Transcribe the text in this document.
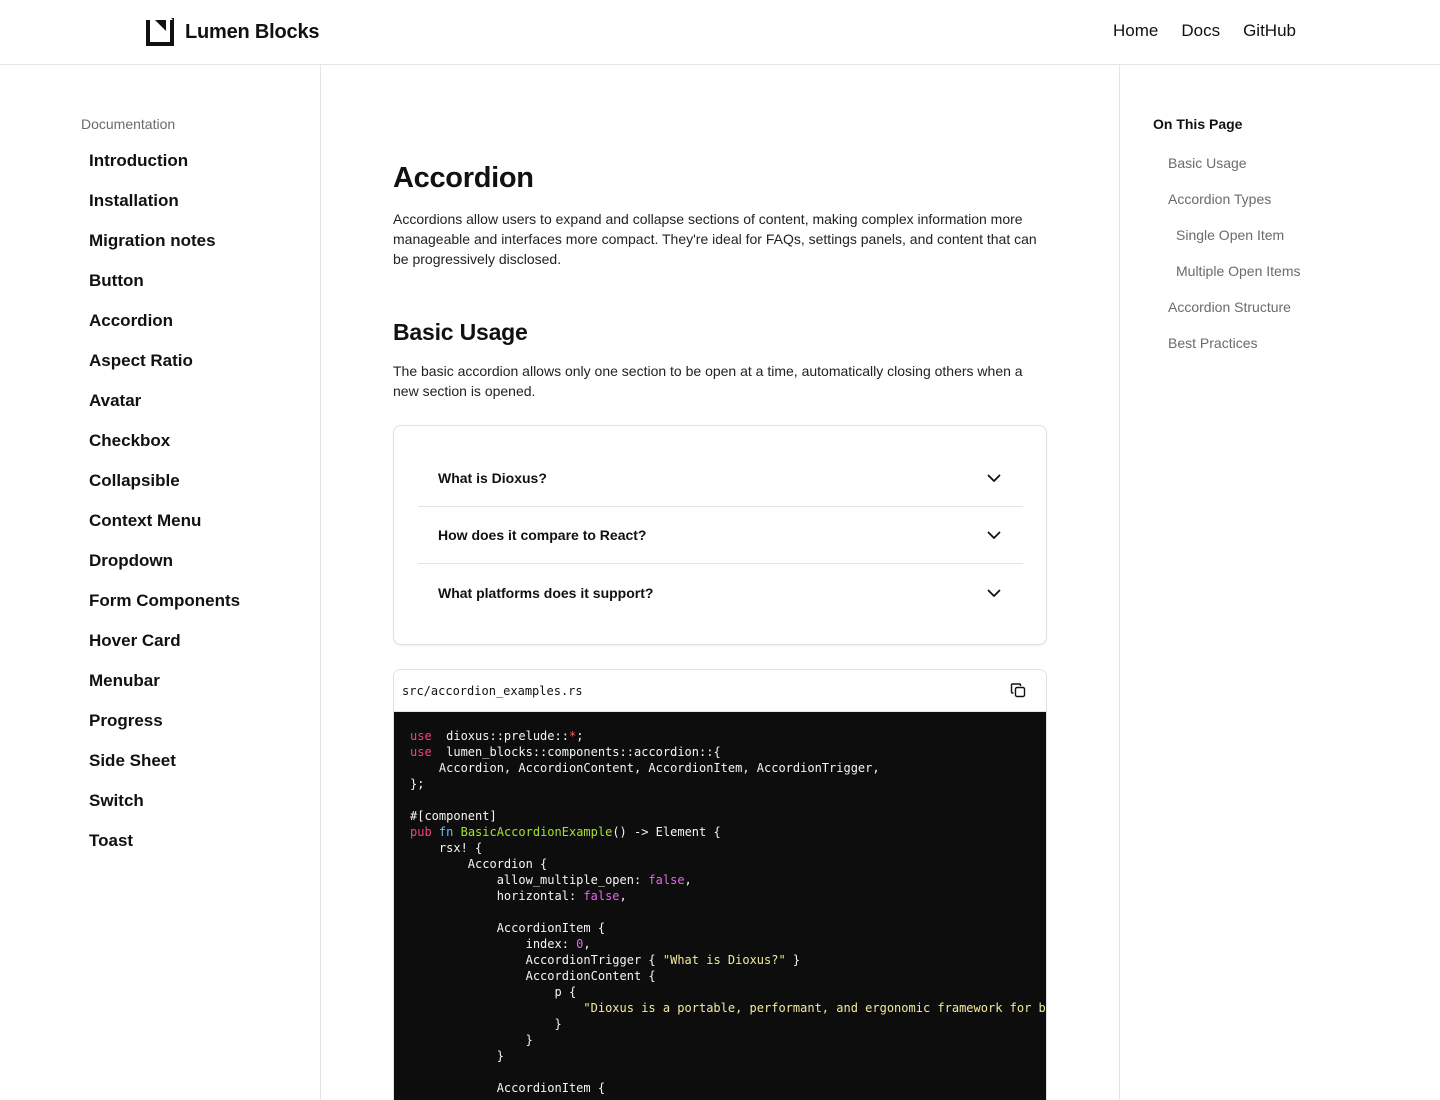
Lumen Blocks	Home Docs GitHub
Documentation
Introduction
Installation
Migration notes
Button
Accordion
Aspect Ratio
Avatar
Checkbox
Collapsible
Context Menu
Dropdown
Form Components
Hover Card
Menubar
Progress
Side Sheet
Switch
Toast
Accordion

Accordions allow users to expand and collapse sections of content, making complex information more manageable and interfaces more compact. They're ideal for FAQs, settings panels, and content that can be progressively disclosed.

Basic Usage

The basic accordion allows only one section to be open at a time, automatically closing others when a new section is opened.

What is Dioxus?
How does it compare to React?
What platforms does it support?
src/accordion_examples.rs
use  dioxus::prelude::*;
use  lumen_blocks::components::accordion::{
Accordion, AccordionContent, AccordionItem, AccordionTrigger,
};
#[component]
pub fn BasicAccordionExample() -> Element {
rsx! {
Accordion {
allow_multiple_open: false,
horizontal: false,
AccordionItem {
index: 0,
AccordionTrigger { "What is Dioxus?" }
AccordionContent {
p {
"Dioxus is a portable, performant, and ergonomic framework for b
}
}
}
AccordionItem {
On This Page
Basic Usage
Accordion Types
Single Open Item
Multiple Open Items
Accordion Structure
Best Practices
